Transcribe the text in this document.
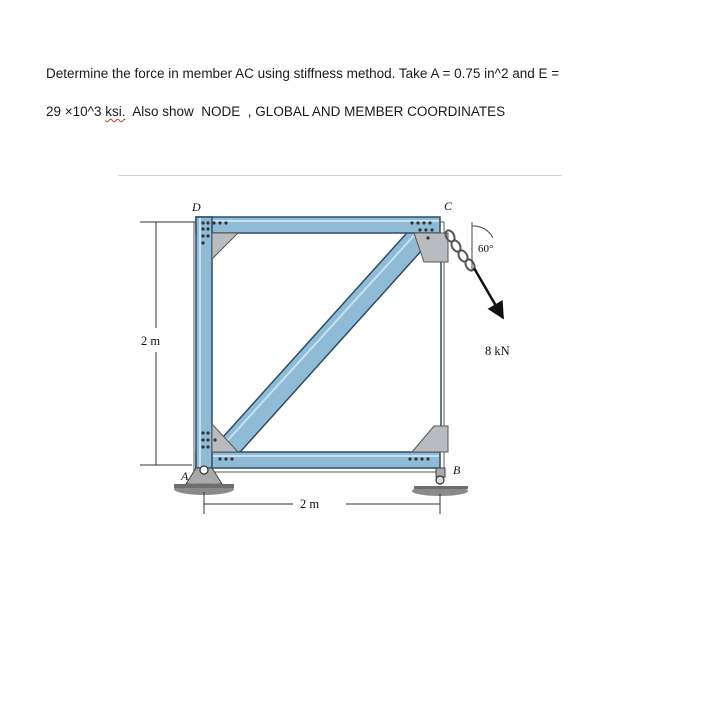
Determine the force in member AC using stiffness method. Take A = 0.75 in^2 and E =
29 ×10^3 ksi.  Also show  NODE  , GLOBAL AND MEMBER COORDINATES
D	C
A	B
2 m
2 m
60°
8 kN
